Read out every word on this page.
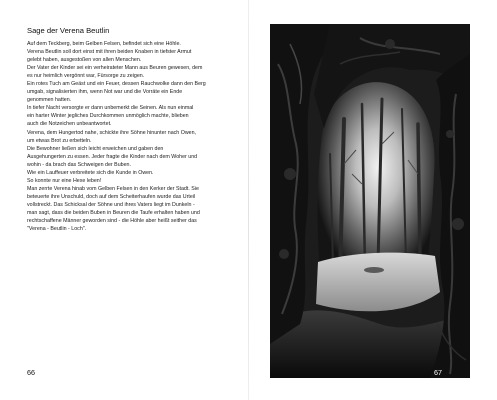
Sage der Verena Beutlin
Auf dem Teckberg, beim Gelben Felsen, befindet sich eine Höhle.
Verena Beutlin soll dort einst mit ihren beiden Knaben in tiefster Armut
gelebt haben, ausgestoßen von allen Menschen.
Der Vater der Kinder sei ein verheirateter Mann aus Beuren gewesen, dem
es nur heimlich vergönnt war, Fürsorge zu zeigen.
Ein rotes Tuch am Geäst und ein Feuer, dessen Rauchwolke dann den Berg
umgab, signalisierten ihm, wenn Not war und die Vorräte ein Ende
genommen hatten.
In tiefer Nacht versorgte er dann unbemerkt die Seinen. Als nun einmal
ein harter Winter jegliches Durchkommen unmöglich machte, blieben
auch die Notzeichen unbeantwortet.
Verena, dem Hungertod nahe, schickte ihre Söhne hinunter nach Owen,
um etwas Brot zu erbetteln.
Die Bewohner ließen sich leicht erweichen und gaben den
Ausgehungerten zu essen. Jeder fragte die Kinder nach dem Woher und
wohin - da brach das Schweigen der Buben.
Wie ein Lauffeuer verbreitete sich die Kunde in Owen.
So konnte nur eine Hexe leben!
Man zerrte Verena hinab vom Gelben Felsen in den Kerker der Stadt. Sie
beteuerte ihre Unschuld, doch auf dem Scheiterhaufen wurde das Urteil
vollstreckt. Das Schicksal der Söhne und ihres Vaters liegt im Dunkeln -
man sagt, dass die beiden Buben in Beuren die Taufe erhalten haben und
rechtschaffene Männer geworden sind - die Höhle aber heißt seither das
"Verena - Beutlin - Loch".
66	67
